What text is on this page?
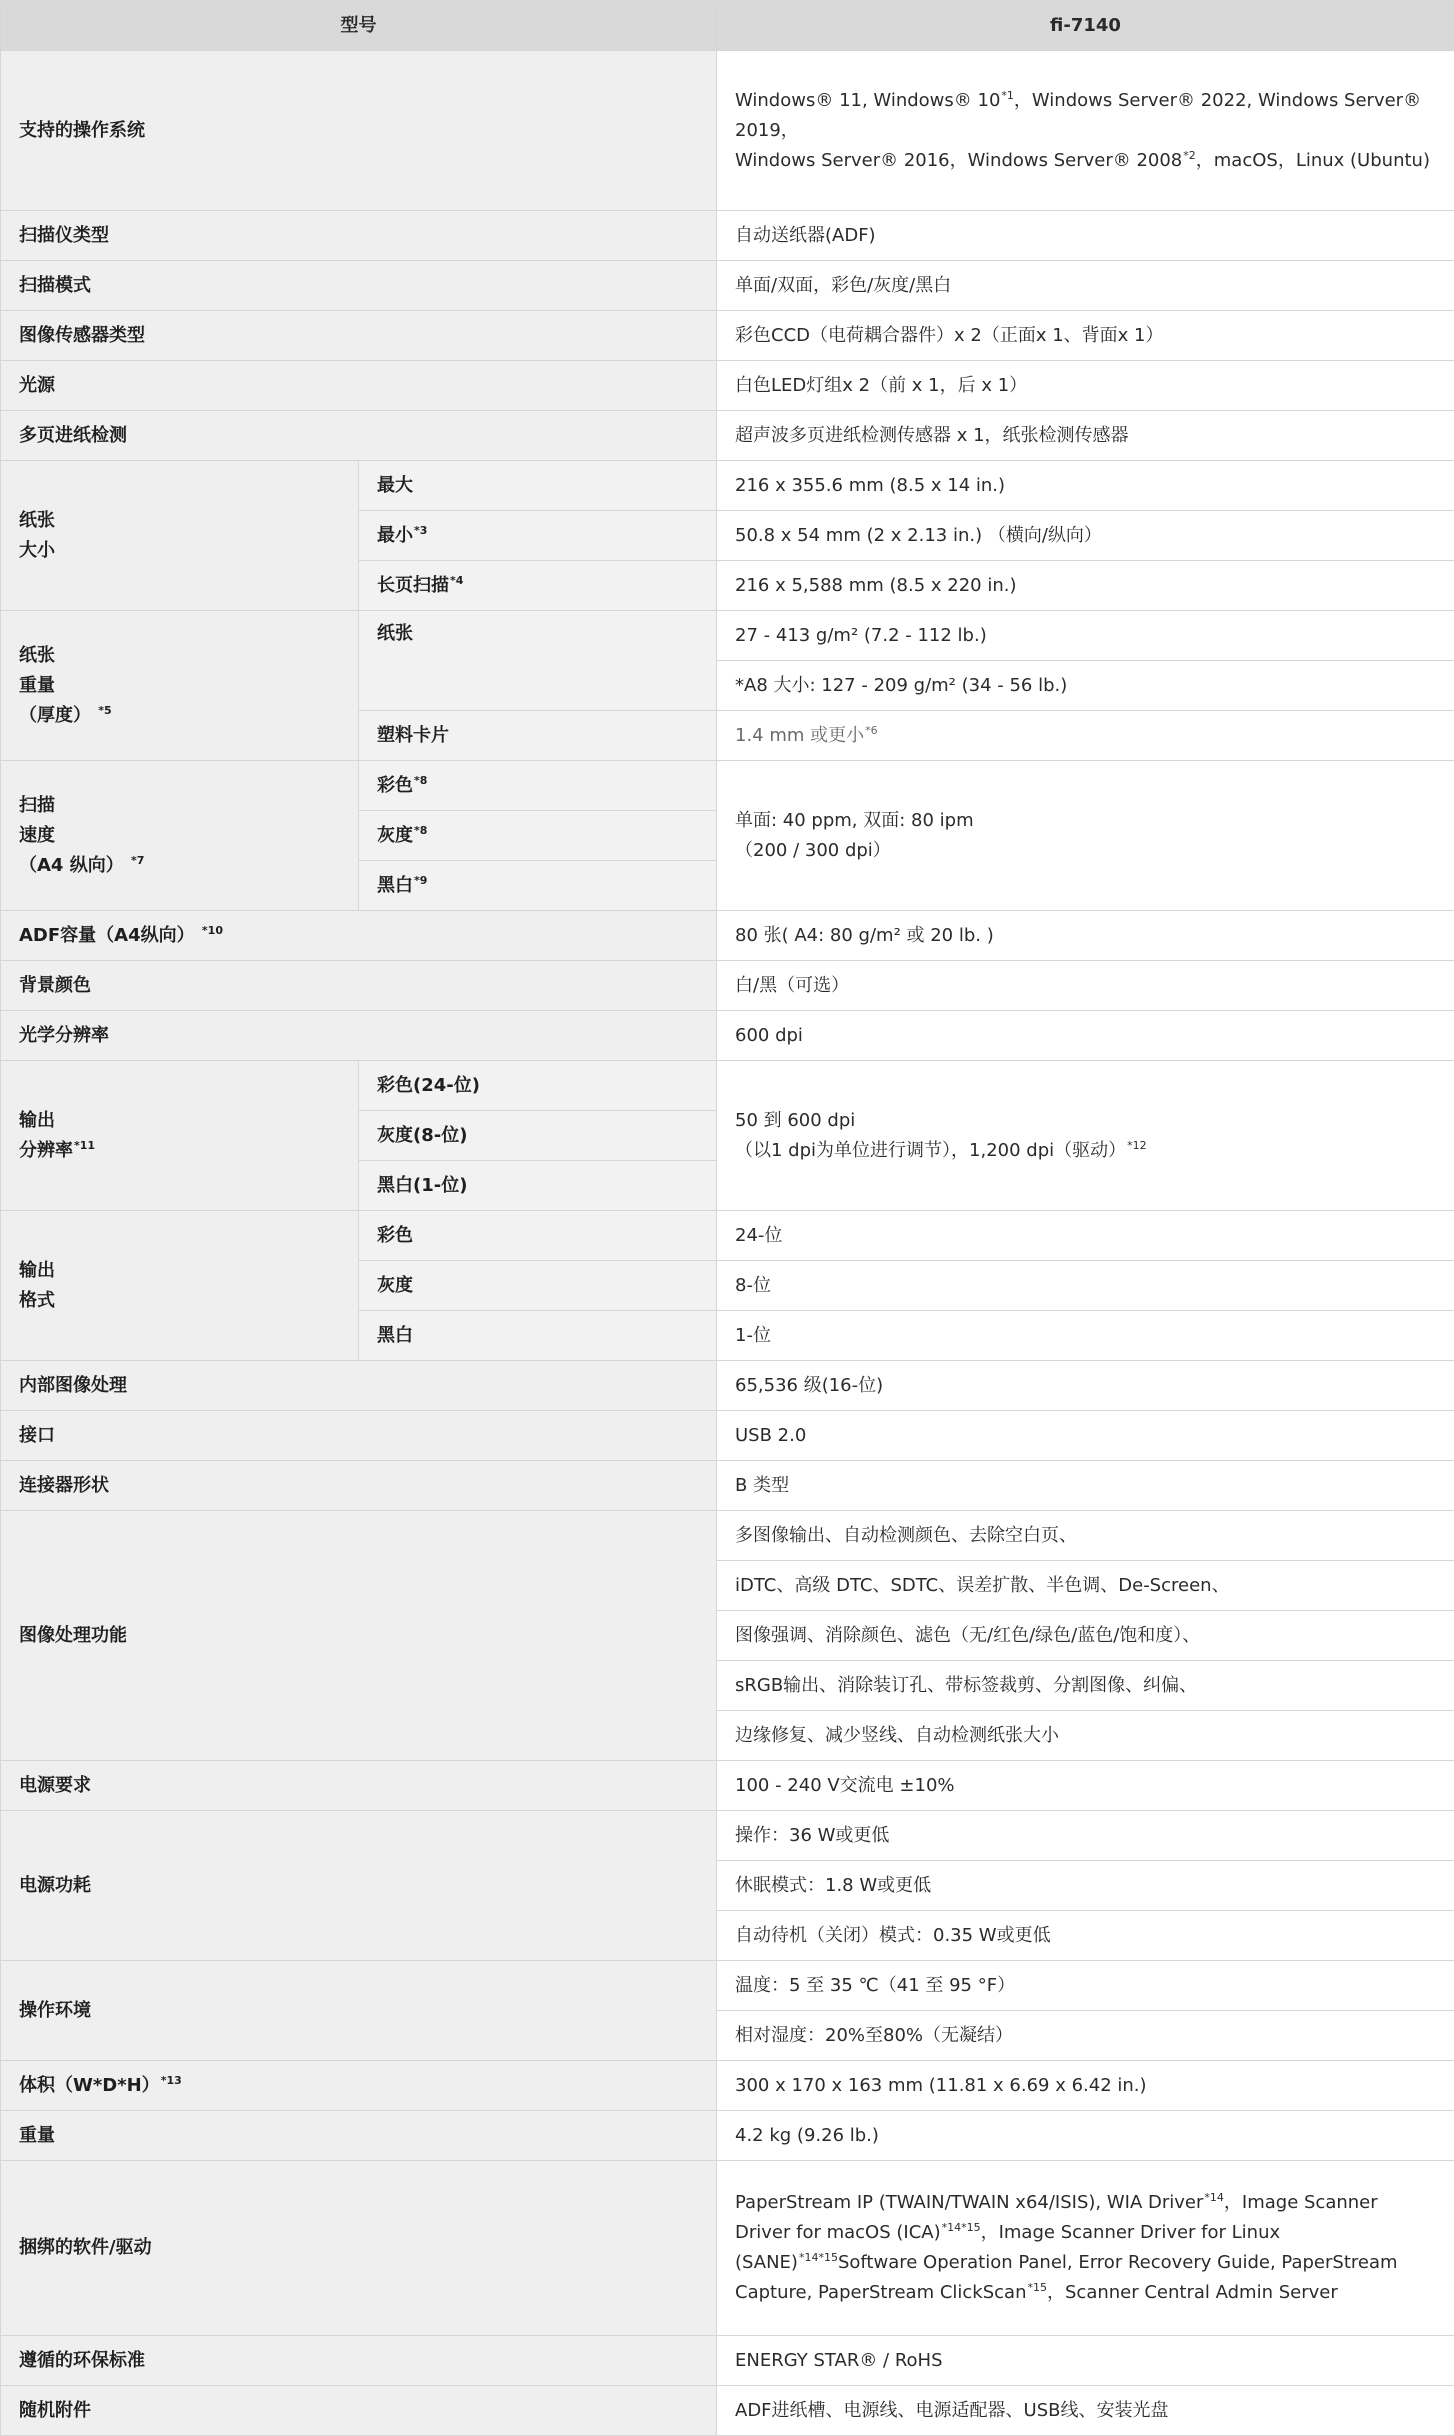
型号		fi-7140
支持的操作系统		Windows® 11, Windows® 10$^{*1}$，Windows Server® 2022, Windows Server® 2019，
Windows Server® 2016，Windows Server® 2008$^{*2}$，macOS，Linux (Ubuntu)

扫描仪类型		自动送纸器(ADF)
扫描模式		单面/双面，彩色/灰度/黑白
图像传感器类型		彩色CCD（电荷耦合器件）x 2（正面x 1、背面x 1）
光源		白色LED灯组x 2（前 x 1，后 x 1）
多页进纸检测		超声波多页进纸检测传感器 x 1，纸张检测传感器

纸张
大小	最大	216 x 355.6 mm (8.5 x 14 in.)
	最小$^{*3}$	50.8 x 54 mm (2 x 2.13 in.) （横向/纵向）
	长页扫描$^{*4}$	216 x 5,588 mm (8.5 x 220 in.)

纸张
重量
（厚度） $^{*5}$	纸张	27 - 413 g/m² (7.2 - 112 lb.)
		*A8 大小: 127 - 209 g/m² (34 - 56 lb.)
	塑料卡片	1.4 mm 或更小$^{*6}$

扫描
速度
（A4 纵向） $^{*7}$	彩色$^{*8}$	单面: 40 ppm, 双面: 80 ipm
（200 / 300 dpi）

	灰度$^{*8}$
	黑白$^{*9}$
ADF容量（A4纵向） $^{*10}$		80 张( A4: 80 g/m² 或 20 lb. )
背景颜色		白/黑（可选）
光学分辨率		600 dpi

输出
分辨率$^{*11}$	彩色(24-位)	50 到 600 dpi
（以1 dpi为单位进行调节），1,200 dpi（驱动）$^{*12}$

	灰度(8-位)	
	黑白(1-位)	

输出
格式	彩色	24-位
	灰度	8-位
	黑白	1-位
内部图像处理		65,536 级(16-位)
接口		USB 2.0
连接器形状		B 类型
图像处理功能		多图像输出、自动检测颜色、去除空白页、
		iDTC、高级 DTC、SDTC、误差扩散、半色调、De-Screen、
		图像强调、消除颜色、滤色（无/红色/绿色/蓝色/饱和度）、
		sRGB输出、消除装订孔、带标签裁剪、分割图像、纠偏、
		边缘修复、减少竖线、自动检测纸张大小
电源要求		100 - 240 V交流电 ±10%
电源功耗		操作：36 W或更低
		休眠模式：1.8 W或更低
		自动待机（关闭）模式：0.35 W或更低
操作环境		温度：5 至 35 ℃（41 至 95 °F）
		相对湿度：20%至80%（无凝结）
体积$(W*D*H)^{*13}$		300 x 170 x 163 mm (11.81 x 6.69 x 6.42 in.)
重量		4.2 kg (9.26 lb.)
捆绑的软件/驱动		PaperStream IP (TWAIN/TWAIN x64/ISIS), WIA Driver$^{*14}$，Image Scanner Driver for macOS (ICA)$^{*14*15}$，Image Scanner Driver for Linux (SANE)$^{*14*15}$Software Operation Panel, Error Recovery Guide, PaperStream Capture, PaperStream ClickScan$^{*15}$，Scanner Central Admin Server
遵循的环保标准		ENERGY STAR® / RoHS
随机附件		ADF进纸槽、电源线、电源适配器、USB线、安装光盘
